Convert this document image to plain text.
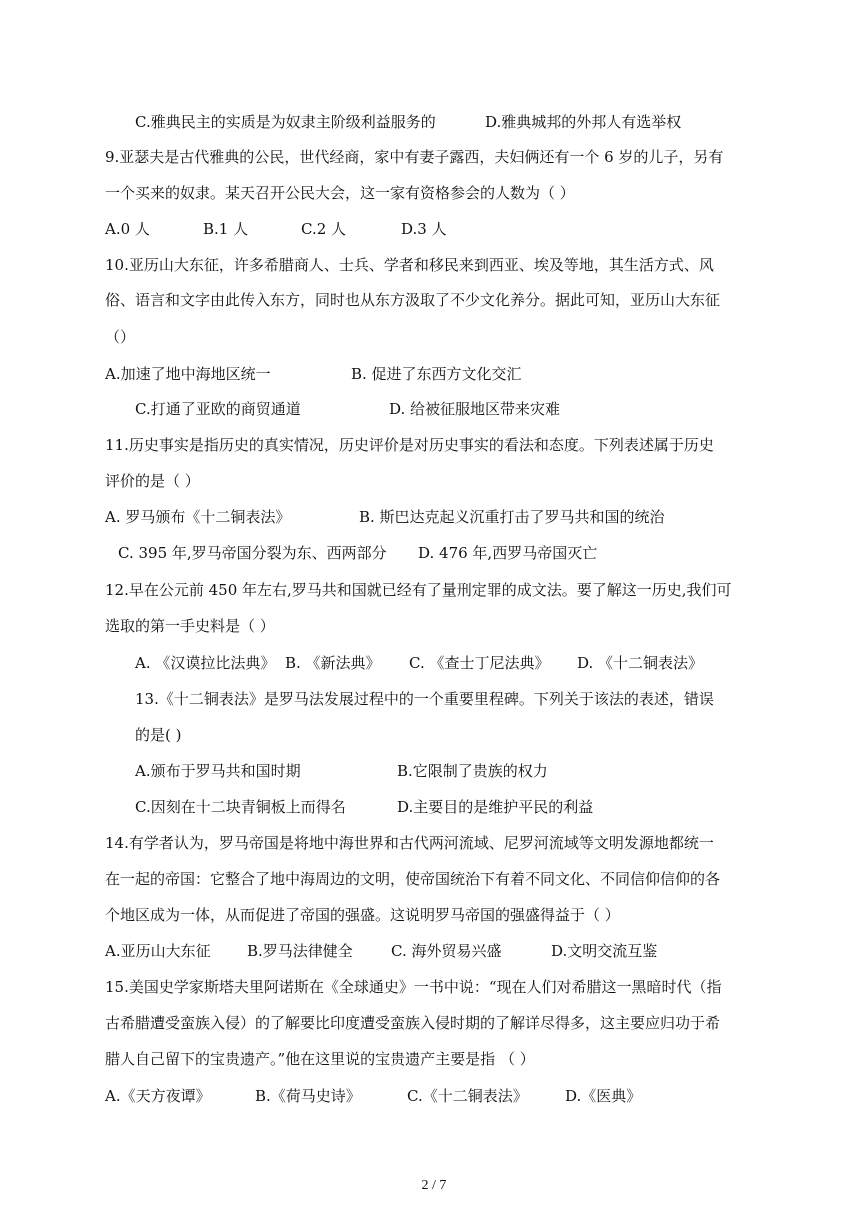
C.雅典民主的实质是为奴隶主阶级利益服务的	D.雅典城邦的外邦人有选举权
9.亚瑟夫是古代雅典的公民，世代经商，家中有妻子露西，夫妇俩还有一个 6 岁的儿子，另有
一个买来的奴隶。某天召开公民大会，这一家有资格参会的人数为（ ）
A.0 人	B.1 人	C.2 人	D.3 人
10.亚历山大东征，许多希腊商人、士兵、学者和移民来到西亚、埃及等地，其生活方式、风
俗、语言和文字由此传入东方，同时也从东方汲取了不少文化养分。据此可知，亚历山大东征
（）
A.加速了地中海地区统一	B. 促进了东西方文化交汇
C.打通了亚欧的商贸通道	D. 给被征服地区带来灾难
11.历史事实是指历史的真实情况，历史评价是对历史事实的看法和态度。下列表述属于历史
评价的是（ ）
A. 罗马颁布《十二铜表法》	B. 斯巴达克起义沉重打击了罗马共和国的统治
C. 395 年,罗马帝国分裂为东、西两部分 D. 476 年,西罗马帝国灭亡
12.早在公元前 450 年左右,罗马共和国就已经有了量刑定罪的成文法。要了解这一历史,我们可
选取的第一手史料是（ ）
A. 《汉谟拉比法典》 B. 《新法典》 C. 《查士丁尼法典》 D. 《十二铜表法》
13.《十二铜表法》是罗马法发展过程中的一个重要里程碑。下列关于该法的表述，错误
的是( )
A.颁布于罗马共和国时期	B.它限制了贵族的权力
C.因刻在十二块青铜板上而得名	D.主要目的是维护平民的利益
14.有学者认为，罗马帝国是将地中海世界和古代两河流域、尼罗河流域等文明发源地都统一
在一起的帝国：它整合了地中海周边的文明，使帝国统治下有着不同文化、不同信仰信仰的各
个地区成为一体，从而促进了帝国的强盛。这说明罗马帝国的强盛得益于（ ）
A.亚历山大东征 B.罗马法律健全	C. 海外贸易兴盛	D.文明交流互鉴
15.美国史学家斯塔夫里阿诺斯在《全球通史》一书中说：“现在人们对希腊这一黑暗时代（指
古希腊遭受蛮族入侵）的了解要比印度遭受蛮族入侵时期的了解详尽得多，这主要应归功于希
腊人自己留下的宝贵遗产。”他在这里说的宝贵遗产主要是指 （ ）
A.《天方夜谭》	B.《荷马史诗》	C.《十二铜表法》 D.《医典》
2 / 7
